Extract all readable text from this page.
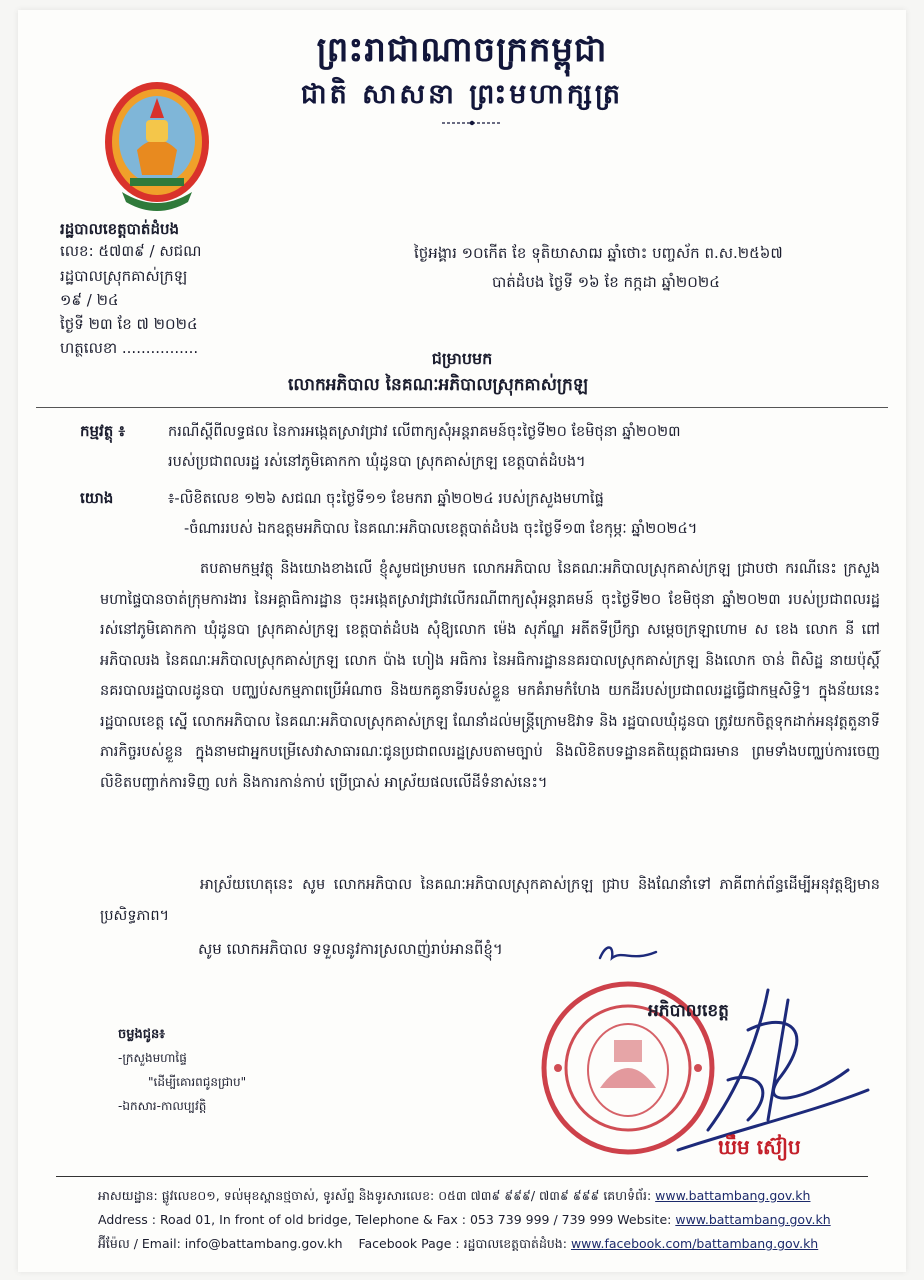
ព្រះរាជាណាចក្រកម្ពុជា
ជាតិ សាសនា ព្រះមហាក្សត្រ
រដ្ឋបាលខេត្តបាត់ដំបង
លេខ: ៥៧៣៩ / សជណ
រដ្ឋបាលស្រុកគាស់ក្រឡ
១៩ / ២៤
ថ្ងៃទី ២៣ ខែ ៧ ២០២៤
ហត្ថលេខា ................
ថ្ងៃអង្គារ ១០កើត ខែ ទុតិយាសាឍ ឆ្នាំថោះ បញ្ចស័ក ព.ស.២៥៦៧
បាត់ដំបង ថ្ងៃទី ១៦ ខែ កក្កដា ឆ្នាំ២០២៤
ជម្រាបមក
លោកអភិបាល នៃគណៈអភិបាលស្រុកគាស់ក្រឡ
កម្មវត្ថុ ៖	ករណីស្តីពីលទ្ធផល នៃការអង្កេតស្រាវជ្រាវ លើពាក្យសុំអន្តរាគមន៍ចុះថ្ងៃទី២០ ខែមិថុនា ឆ្នាំ២០២៣
របស់ប្រជាពលរដ្ឋ រស់នៅភូមិគោកកា ឃុំដូនបា ស្រុកគាស់ក្រឡ ខេត្តបាត់ដំបង។
យោង	៖-លិខិតលេខ ១២៦ សជណ ចុះថ្ងៃទី១១ ខែមករា ឆ្នាំ២០២៤ របស់ក្រសួងមហាផ្ទៃ
-ចំណាររបស់ ឯកឧត្តមអភិបាល នៃគណៈអភិបាលខេត្តបាត់ដំបង ចុះថ្ងៃទី១៣ ខែកុម្ភៈ ឆ្នាំ២០២៤។
តបតាមកម្មវត្ថុ និងយោងខាងលើ ខ្ញុំសូមជម្រាបមក លោកអភិបាល នៃគណៈអភិបាលស្រុកគាស់ក្រឡ ជ្រាបថា ករណីនេះ ក្រសួងមហាផ្ទៃបានចាត់ក្រុមការងារ នៃអគ្គាធិការដ្ឋាន ចុះអង្កេតស្រាវជ្រាវលើករណីពាក្យសុំអន្តរាគមន៍ ចុះថ្ងៃទី២០ ខែមិថុនា ឆ្នាំ២០២៣ របស់ប្រជាពលរដ្ឋរស់នៅភូមិគោកកា ឃុំដូនបា ស្រុកគាស់ក្រឡ ខេត្តបាត់ដំបង សុំឱ្យលោក ម៉េង សុភ័ណ្ឌ អតីតទីប្រឹក្សា សម្តេចក្រឡាហោម ស ខេង លោក នី ពៅ អភិបាលរង នៃគណៈអភិបាលស្រុកគាស់ក្រឡ លោក ប៉ាង ហៀង អធិការ នៃអធិការដ្ឋាននគរបាលស្រុកគាស់ក្រឡ និងលោក ចាន់ ពិសិដ្ឋ នាយប៉ុស្តិ៍នគរបាលរដ្ឋបាលដូនបា បញ្ឈប់សកម្មភាពប្រើអំណាច និងយកគូនាទីរបស់ខ្លួន មកគំរាមកំហែង យកដីរបស់ប្រជាពលរដ្ឋធ្វើជាកម្មសិទ្ធិ។ ក្នុងន័យនេះ រដ្ឋបាលខេត្ត ស្នើ លោកអភិបាល នៃគណៈអភិបាលស្រុកគាស់ក្រឡ ណែនាំដល់មន្ត្រីក្រោមឱវាទ និង រដ្ឋបាលឃុំដូនបា ត្រូវយកចិត្តទុកដាក់អនុវត្តតួនាទីភារកិច្ចរបស់ខ្លួន ក្នុងនាមជាអ្នកបម្រើសេវាសាធារណៈជូនប្រជាពលរដ្ឋស្របតាមច្បាប់ និងលិខិតបទដ្ឋានគតិយុត្តជាធរមាន ព្រមទាំងបញ្ឈប់ការចេញលិខិតបញ្ជាក់ការទិញ លក់ និងការកាន់កាប់ ប្រើប្រាស់ អាស្រ័យផលលើដីទំនាស់នេះ។
អាស្រ័យហេតុនេះ សូម លោកអភិបាល នៃគណៈអភិបាលស្រុកគាស់ក្រឡ ជ្រាប និងណែនាំទៅ ភាគីពាក់ព័ន្ធដើម្បីអនុវត្តឱ្យមានប្រសិទ្ធភាព។
សូម លោកអភិបាល ទទួលនូវការស្រលាញ់រាប់អានពីខ្ញុំ។
អភិបាលខេត្ត
ឃឹម ស៊ៀប
ចម្លងជូន៖
-ក្រសួងមហាផ្ទៃ
"ដើម្បីគោរពជូនជ្រាប"
-ឯកសារ-កាលប្បវត្តិ
អាសយដ្ឋាន: ផ្លូវលេខ០១, ទល់មុខស្ពានថ្មចាស់, ទូរស័ព្ទ និងទូរសារលេខ: ០៥៣ ៧៣៩ ៩៩៩/ ៧៣៩ ៩៩៩ គេហទំព័រ: www.battambang.gov.kh
Address : Road 01, In front of old bridge, Telephone & Fax : 053 739 999 / 739 999 Website: www.battambang.gov.kh
អ៊ីម៉ែល / Email: info@battambang.gov.kh Facebook Page : រដ្ឋបាលខេត្តបាត់ដំបង: www.facebook.com/battambang.gov.kh
